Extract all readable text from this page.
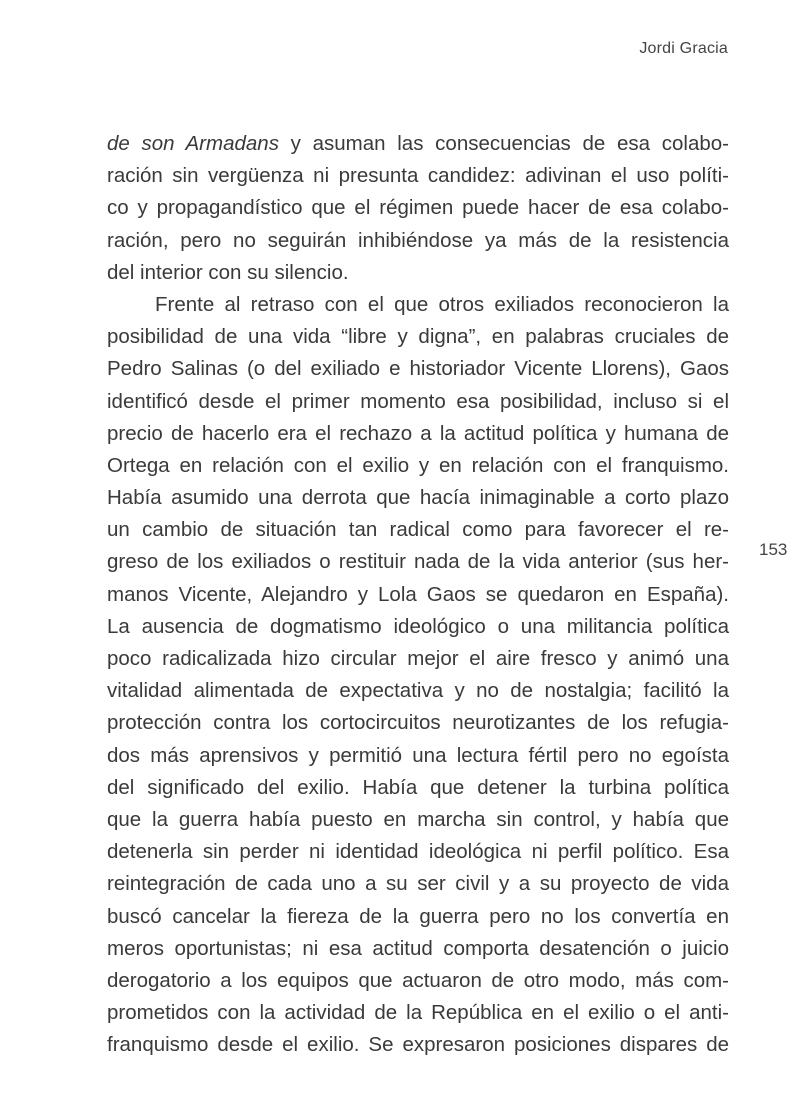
Jordi Gracia
153
de son Armadans y asuman las consecuencias de esa colabo-
ración sin vergüenza ni presunta candidez: adivinan el uso políti-
co y propagandístico que el régimen puede hacer de esa colabo-
ración, pero no seguirán inhibiéndose ya más de la resistencia
del interior con su silencio.
Frente al retraso con el que otros exiliados reconocieron la
posibilidad de una vida “libre y digna”, en palabras cruciales de
Pedro Salinas (o del exiliado e historiador Vicente Llorens), Gaos
identificó desde el primer momento esa posibilidad, incluso si el
precio de hacerlo era el rechazo a la actitud política y humana de
Ortega en relación con el exilio y en relación con el franquismo.
Había asumido una derrota que hacía inimaginable a corto plazo
un cambio de situación tan radical como para favorecer el re-
greso de los exiliados o restituir nada de la vida anterior (sus her-
manos Vicente, Alejandro y Lola Gaos se quedaron en España).
La ausencia de dogmatismo ideológico o una militancia política
poco radicalizada hizo circular mejor el aire fresco y animó una
vitalidad alimentada de expectativa y no de nostalgia; facilitó la
protección contra los cortocircuitos neurotizantes de los refugia-
dos más aprensivos y permitió una lectura fértil pero no egoísta
del significado del exilio. Había que detener la turbina política
que la guerra había puesto en marcha sin control, y había que
detenerla sin perder ni identidad ideológica ni perfil político. Esa
reintegración de cada uno a su ser civil y a su proyecto de vida
buscó cancelar la fiereza de la guerra pero no los convertía en
meros oportunistas; ni esa actitud comporta desatención o juicio
derogatorio a los equipos que actuaron de otro modo, más com-
prometidos con la actividad de la República en el exilio o el anti-
franquismo desde el exilio. Se expresaron posiciones dispares de
